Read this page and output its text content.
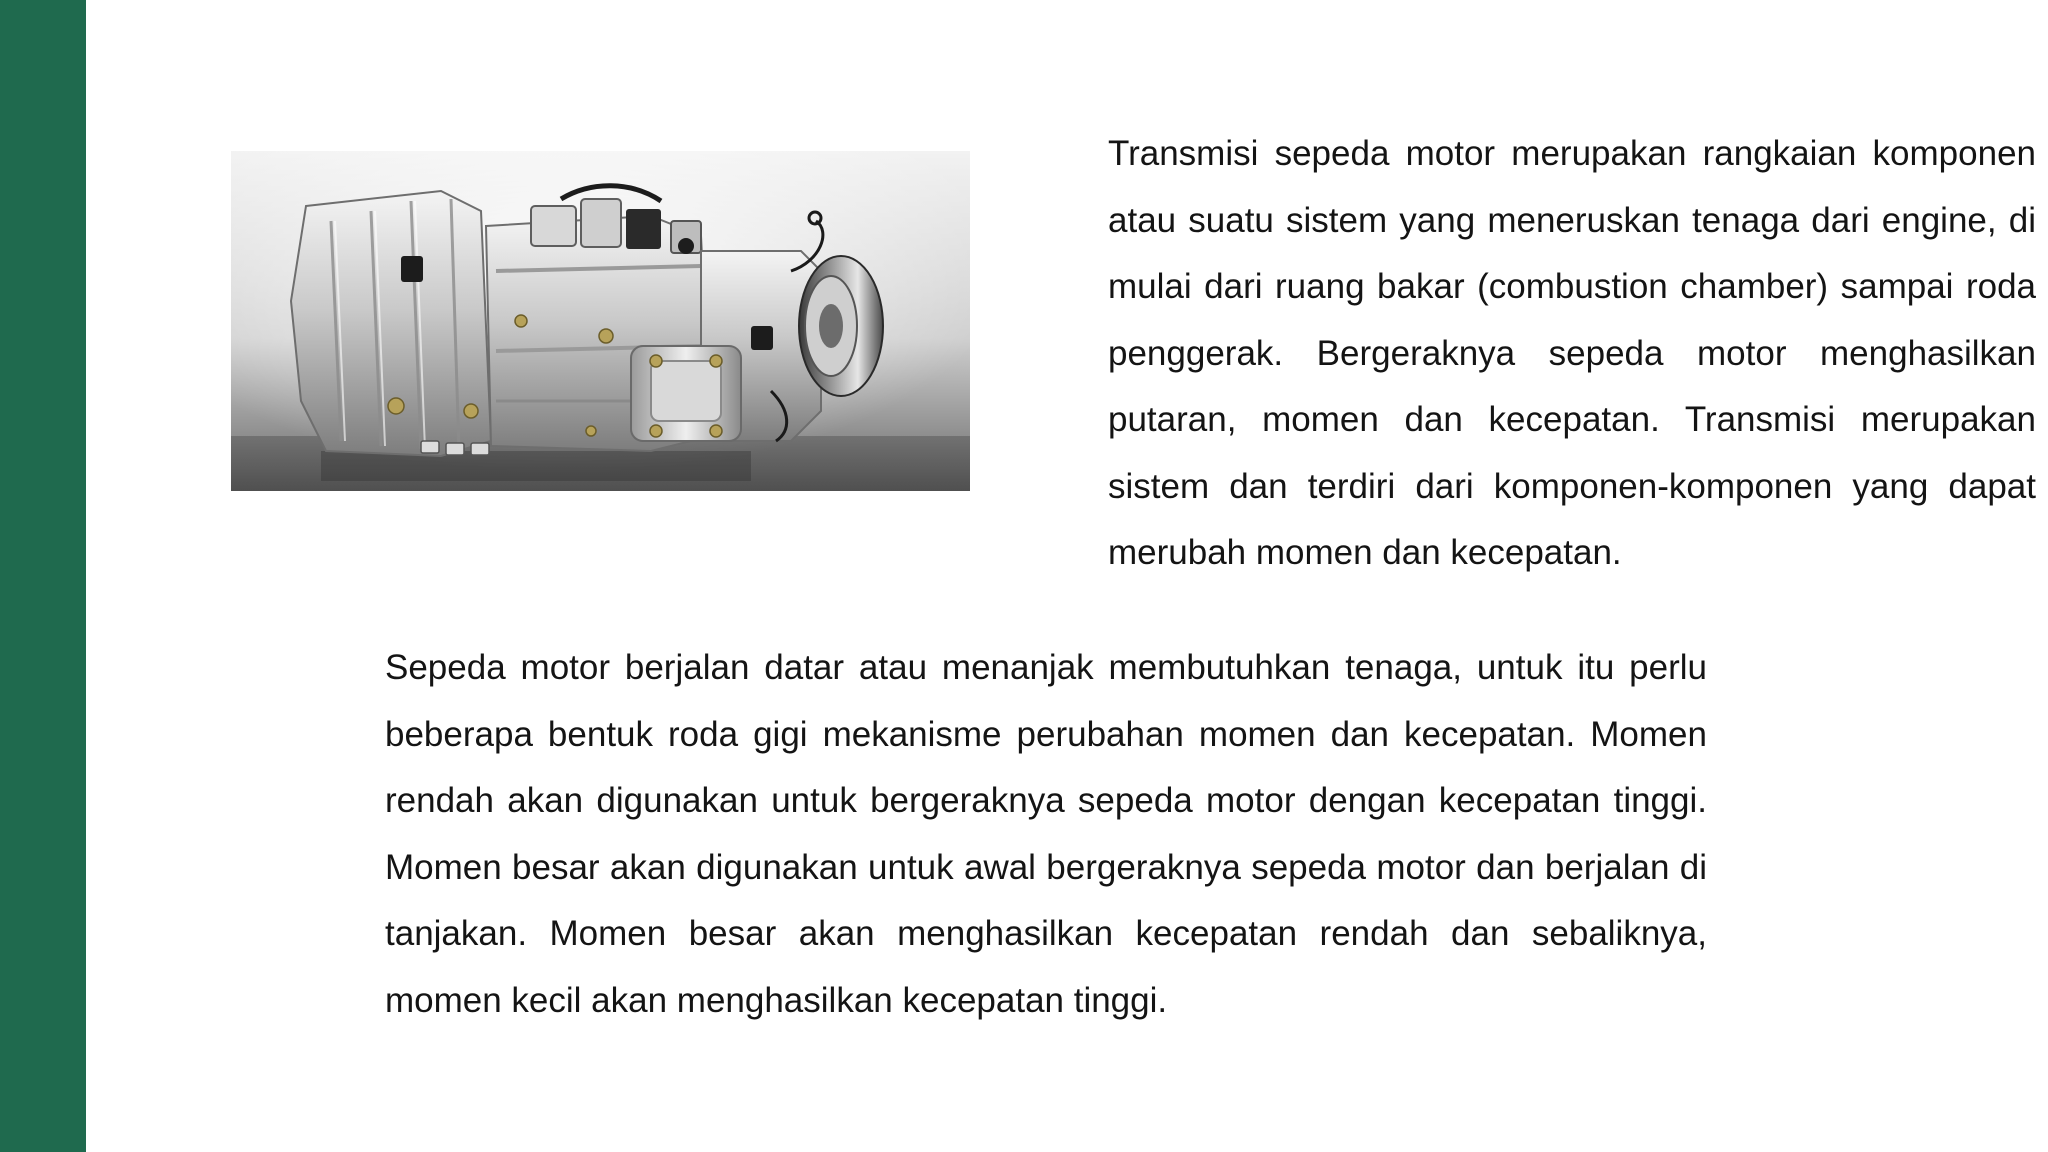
Transmisi sepeda motor merupakan rangkaian komponen atau suatu sistem yang meneruskan tenaga dari engine, di mulai dari ruang bakar (combustion chamber) sampai roda penggerak. Bergeraknya sepeda motor menghasilkan putaran, momen dan kecepatan. Transmisi merupakan sistem dan terdiri dari komponen-komponen yang dapat merubah momen dan kecepatan.

Sepeda motor berjalan datar atau menanjak membutuhkan tenaga, untuk itu perlu beberapa bentuk roda gigi mekanisme perubahan momen dan kecepatan. Momen rendah akan digunakan untuk bergeraknya sepeda motor dengan kecepatan tinggi. Momen besar akan digunakan untuk awal bergeraknya sepeda motor dan berjalan di tanjakan. Momen besar akan menghasilkan kecepatan rendah dan sebaliknya, momen kecil akan menghasilkan kecepatan tinggi.
